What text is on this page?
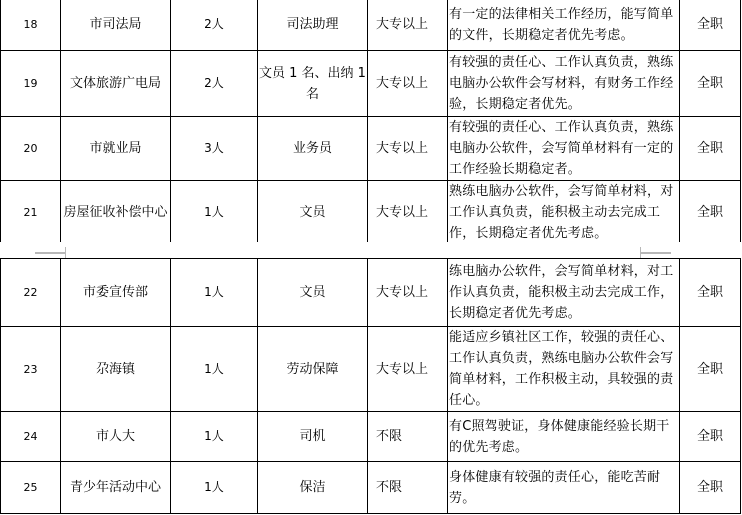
18	市司法局	2人	司法助理	大专以上	有一定的法律相关工作经历，能写简单的文件，长期稳定者优先考虑。	全职
19	文体旅游广电局	2人	文员 1 名、出纳 1 名	大专以上	有较强的责任心、工作认真负责，熟练电脑办公软件会写材料，有财务工作经验，长期稳定者优先。	全职
20	市就业局	3人	业务员	大专以上	有较强的责任心、工作认真负责，熟练电脑办公软件，会写简单材料有一定的工作经验长期稳定者。	全职
21	房屋征收补偿中心	1人	文员	大专以上	熟练电脑办公软件，会写简单材料，对工作认真负责，能积极主动去完成工作，长期稳定者优先考虑。	全职
22	市委宣传部	1人	文员	大专以上	练电脑办公软件，会写简单材料，对工作认真负责，能积极主动去完成工作，长期稳定者优先考虑。	全职
23	尕海镇	1人	劳动保障	大专以上	能适应乡镇社区工作，较强的责任心、工作认真负责，熟练电脑办公软件会写简单材料，工作积极主动，具较强的责任心。	全职
24	市人大	1人	司机	不限	有C照驾驶证，身体健康能经验长期干的优先考虑。	全职
25	青少年活动中心	1人	保洁	不限	身体健康有较强的责任心，能吃苦耐劳。	全职
